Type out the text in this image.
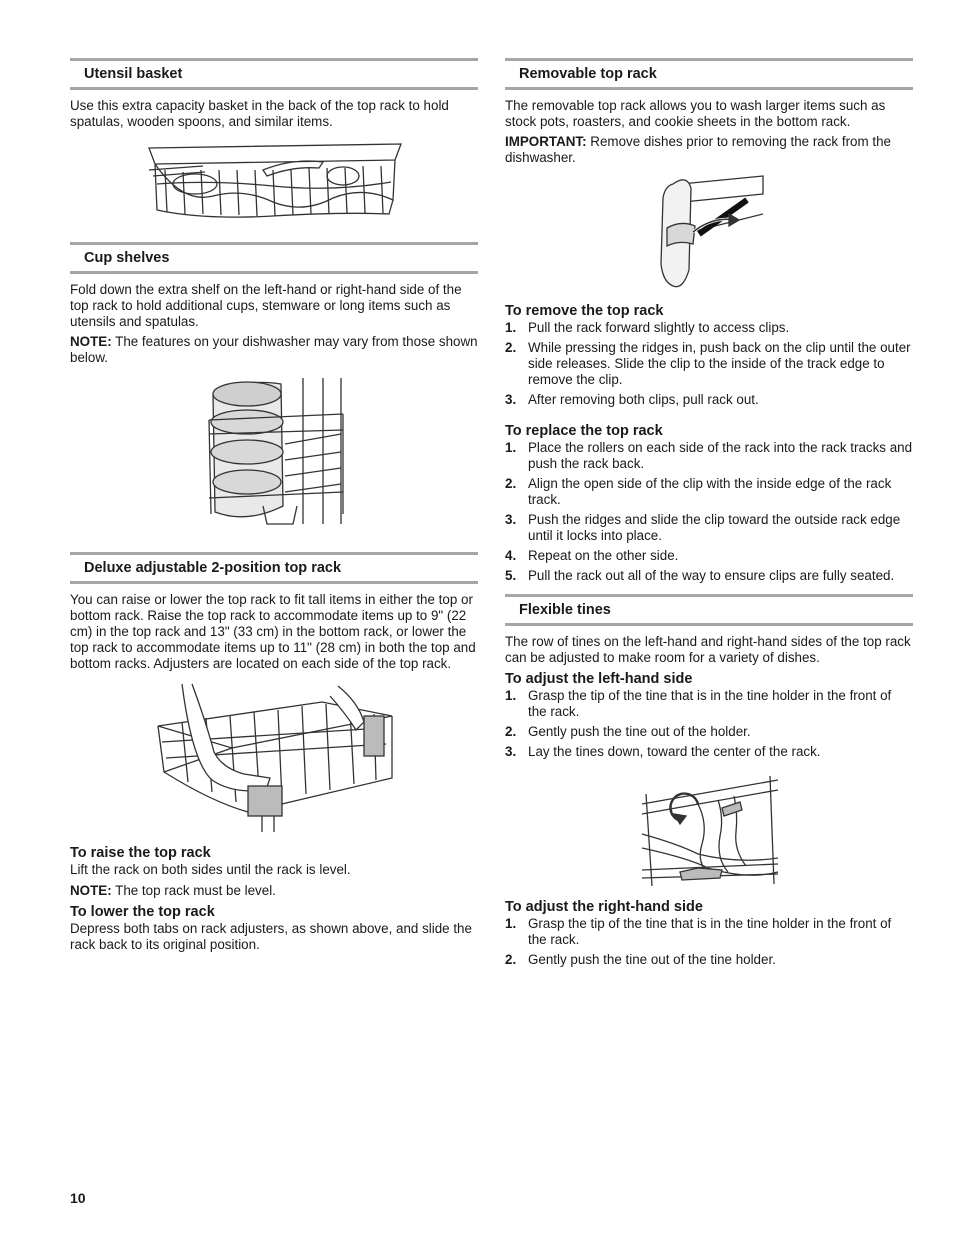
Utensil basket

Use this extra capacity basket in the back of the top rack to hold spatulas, wooden spoons, and similar items.

Cup shelves

Fold down the extra shelf on the left-hand or right-hand side of the top rack to hold additional cups, stemware or long items such as utensils and spatulas.

NOTE: The features on your dishwasher may vary from those shown below.

Deluxe adjustable 2-position top rack

You can raise or lower the top rack to fit tall items in either the top or bottom rack. Raise the top rack to accommodate items up to 9" (22 cm) in the top rack and 13" (33 cm) in the bottom rack, or lower the top rack to accommodate items up to 11" (28 cm) in both the top and bottom racks. Adjusters are located on each side of the top rack.

To raise the top rack

Lift the rack on both sides until the rack is level.

NOTE: The top rack must be level.

To lower the top rack

Depress both tabs on rack adjusters, as shown above, and slide the rack back to its original position.

Removable top rack

The removable top rack allows you to wash larger items such as stock pots, roasters, and cookie sheets in the bottom rack.

IMPORTANT: Remove dishes prior to removing the rack from the dishwasher.

To remove the top rack
1. Pull the rack forward slightly to access clips.
2. While pressing the ridges in, push back on the clip until the outer side releases. Slide the clip to the inside of the track edge to remove the clip.
3. After removing both clips, pull rack out.
To replace the top rack
1. Place the rollers on each side of the rack into the rack tracks and push the rack back.
2. Align the open side of the clip with the inside edge of the rack track.
3. Push the ridges and slide the clip toward the outside rack edge until it locks into place.
4. Repeat on the other side.
5. Pull the rack out all of the way to ensure clips are fully seated.
Flexible tines

The row of tines on the left-hand and right-hand sides of the top rack can be adjusted to make room for a variety of dishes.

To adjust the left-hand side
1. Grasp the tip of the tine that is in the tine holder in the front of the rack.
2. Gently push the tine out of the holder.
3. Lay the tines down, toward the center of the rack.
To adjust the right-hand side
1. Grasp the tip of the tine that is in the tine holder in the front of the rack.
2. Gently push the tine out of the tine holder.
10
